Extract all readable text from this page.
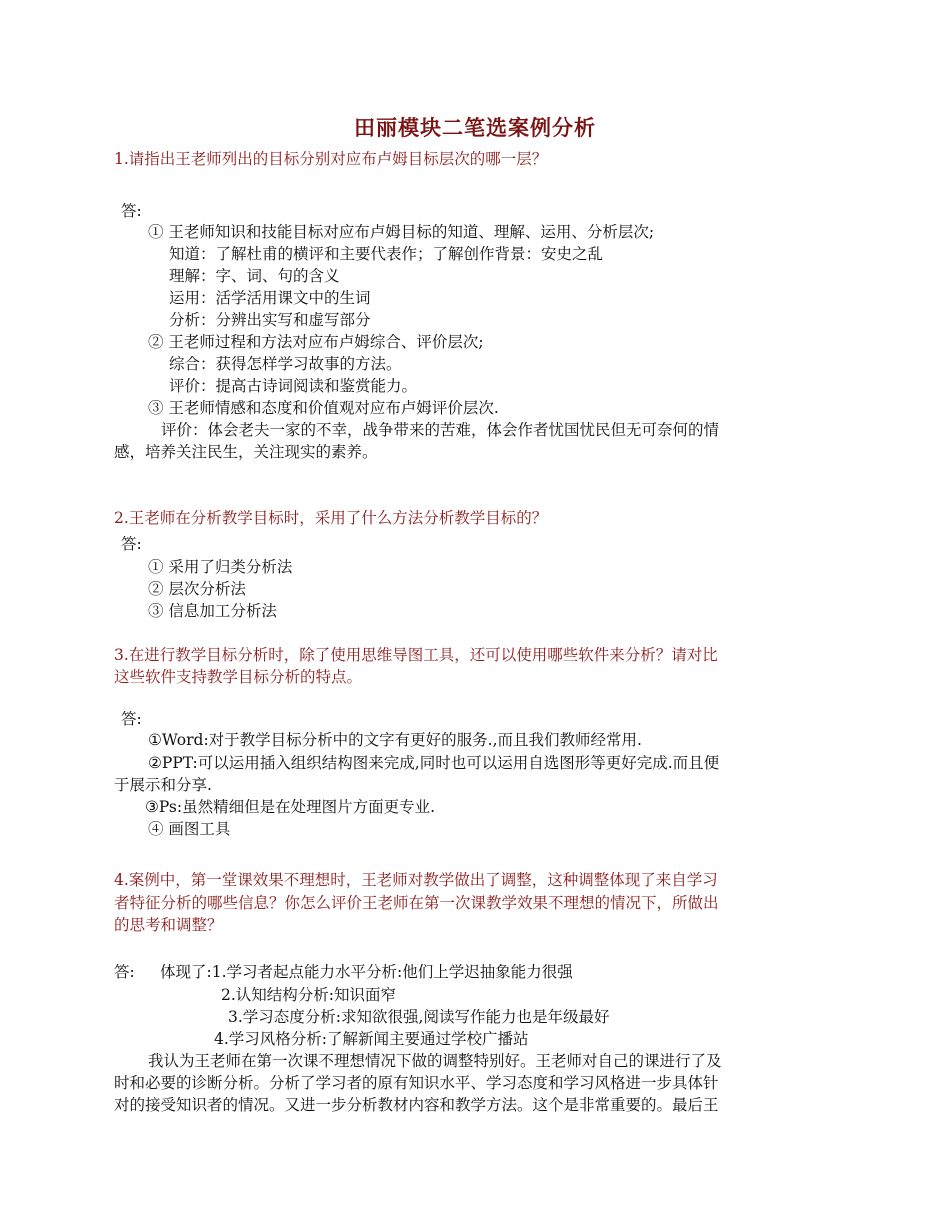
田丽模块二笔选案例分析
1.请指出王老师列出的目标分别对应布卢姆目标层次的哪一层？
答:
① 王老师知识和技能目标对应布卢姆目标的知道、理解、运用、分析层次;
知道：了解杜甫的横评和主要代表作；了解创作背景：安史之乱
理解：字、词、句的含义
运用：活学活用课文中的生词
分析：分辨出实写和虚写部分
② 王老师过程和方法对应布卢姆综合、评价层次;
综合：获得怎样学习故事的方法。
评价：提高古诗词阅读和鉴赏能力。
③ 王老师情感和态度和价值观对应布卢姆评价层次.
评价：体会老夫一家的不幸，战争带来的苦难，体会作者忧国忧民但无可奈何的情
感，培养关注民生，关注现实的素养。
2.王老师在分析教学目标时，采用了什么方法分析教学目标的？
答:
① 采用了归类分析法
② 层次分析法
③ 信息加工分析法
3.在进行教学目标分析时，除了使用思维导图工具，还可以使用哪些软件来分析？请对比
这些软件支持教学目标分析的特点。
答:
①Word:对于教学目标分析中的文字有更好的服务.,而且我们教师经常用.
②PPT:可以运用插入组织结构图来完成,同时也可以运用自选图形等更好完成.而且便
于展示和分享.
③Ps:虽然精细但是在处理图片方面更专业.
④ 画图工具
4.案例中，第一堂课效果不理想时，王老师对教学做出了调整，这种调整体现了来自学习
者特征分析的哪些信息？你怎么评价王老师在第一次课教学效果不理想的情况下，所做出
的思考和调整？
答: 体现了:1.学习者起点能力水平分析:他们上学迟抽象能力很强
2.认知结构分析:知识面窄
3.学习态度分析:求知欲很强,阅读写作能力也是年级最好
4.学习风格分析:了解新闻主要通过学校广播站
我认为王老师在第一次课不理想情况下做的调整特别好。王老师对自己的课进行了及
时和必要的诊断分析。分析了学习者的原有知识水平、学习态度和学习风格进一步具体针
对的接受知识者的情况。又进一步分析教材内容和教学方法。这个是非常重要的。最后王
